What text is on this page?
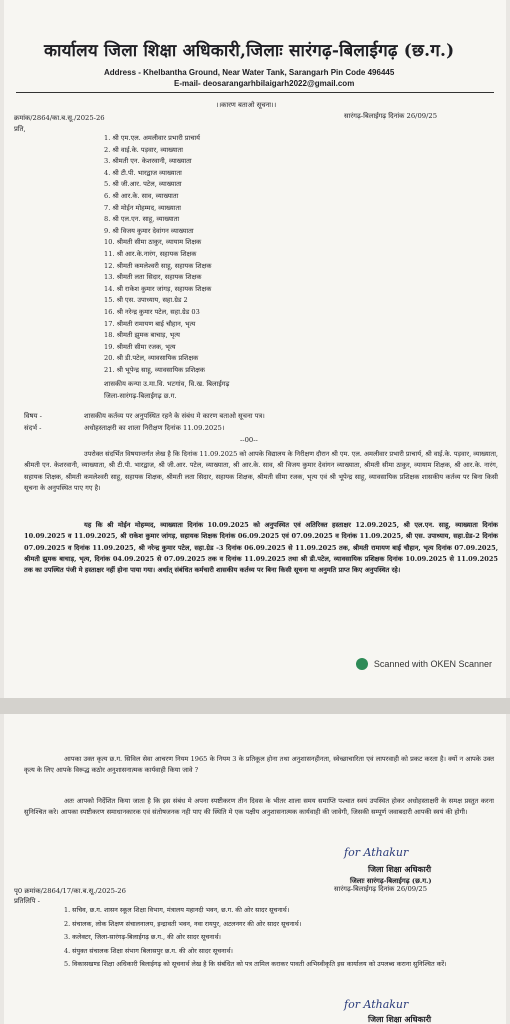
कार्यालय जिला शिक्षा अधिकारी,जिलाः सारंगढ़-बिलाईगढ़ (छ.ग.)
Address - Khelbantha Ground, Near Water Tank, Sarangarh Pin Code 496445
E-mail- deosarangarhbilaigarh2022@gmail.com
।।कारण बताओ सूचना।।
क्रमांक/2864/का.ब.सू./2025-26	सारंगढ़-बिलाईगढ़ दिनांक 26/09/25
प्रति,
1. श्री एम.एल. अमलीवार प्रभारी प्राचार्य
2. श्री वाई.के. पड़वार, व्याख्याता
3. श्रीमती एन. केशरवानी, व्याख्याता
4. श्री टी.पी. भारद्वाज व्याख्याता
5. श्री जी.आर. पटेल, व्याख्याता
6. श्री आर.के. साव, व्याख्याता
7. श्री मोईन मोहम्मद, व्याख्याता
8. श्री एल.एन. साहू, व्याख्याता
9. श्री विजय कुमार देवांगन व्याख्याता
10. श्रीमती सीमा ठाकुर, व्यायाम शिक्षक
11. श्री आर.के.नारंग, सहायक शिक्षक
12. श्रीमती कमलेश्वरी साहू, सहायक शिक्षक
13. श्रीमती लता सिदार, सहायक शिक्षक
14. श्री राकेश कुमार जांगड़, सहायक शिक्षक
15. श्री एस. उपाध्याय, सहा.ग्रेड 2
16. श्री नरेन्द्र कुमार पटेल, सहा.ग्रेड 03
17. श्रीमती रामायण बाई चौहान, भृत्य
18. श्रीमती झुमक बाचाड़, भृत्य
19. श्रीमती सीमा रजक, भृत्य
20. श्री डी.पटेल, व्यावसायिक प्रशिक्षक
21. श्री भूपेन्द्र साहू, व्यावसायिक प्रशिक्षक
शासकीय कन्या उ.मा.वि. भटगांव, वि.ख. बिलाईगढ़
जिला-सारंगढ़-बिलाईगढ़ छ.ग.
विषय -	शासकीय कर्तव्य पर अनुपस्थित रहने के संबंध मे कारण बताओ सूचना पत्र।
संदर्भ -	अधोहस्ताक्षरी का शाला निरीक्षण दिनांक 11.09.2025।
--00--
उपरोक्त संदर्भित विषयान्तर्गत लेख है कि दिनांक 11.09.2025 को आपके विद्यालय के निरीक्षण दौरान श्री एम. एल. अमलीवार प्रभारी प्राचार्य, श्री वाई.के. पड़वार, व्याख्याता, श्रीमती एन. केशरवानी, व्याख्याता, श्री टी.पी. भारद्वाज, श्री जी.आर. पटेल, व्याख्याता, श्री आर.के. साव, श्री विजय कुमार देवांगन व्याख्याता, श्रीमती सीमा ठाकुर, व्यायाम शिक्षक, श्री आर.के. नारंग, सहायक शिक्षक, श्रीमती कमलेश्वरी साहू, सहायक शिक्षक, श्रीमती लता सिदार, सहायक शिक्षक, श्रीमती सीमा रजक, भृत्य एवं श्री भूपेन्द्र साहू, व्यावसायिक प्रशिक्षक शासकीय कर्तव्य पर बिना किसी सूचना के अनुपस्थित पाए गए है।
यह कि श्री मोईन मोहम्मद, व्याख्याता दिनांक 10.09.2025 को अनुपस्थित एवं अतिरिक्त हस्ताक्षर 12.09.2025, श्री एल.एन. साहू, व्याख्याता दिनांक 10.09.2025 व 11.09.2025, श्री राकेश कुमार जांगड़, सहायक शिक्षक दिनांक 06.09.2025 एवं 07.09.2025 व दिनांक 11.09.2025, श्री एस. उपाध्याय, सहा.ग्रेड-2 दिनांक 07.09.2025 व दिनांक 11.09.2025, श्री नरेन्द्र कुमार पटेल, सहा.ग्रेड -3 दिनांक 06.09.2025 से 11.09.2025 तक, श्रीमती रामायण बाई चौहान, भृत्य दिनांक 07.09.2025, श्रीमती झुमक बाचाड़, भृत्य, दिनांक 04.09.2025 से 07.09.2025 तक व दिनांक 11.09.2025 तथा श्री डी.पटेल, व्यावसायिक प्रशिक्षक दिनांक 10.09.2025 से 11.09.2025 तक का उपस्थित पंजी मे हस्ताक्षर नहीं होना पाया गया। अर्थात् संबंधित कर्मचारी शासकीय कर्तव्य पर बिना किसी सूचना या अनुमति प्राप्त किए अनुपस्थित रहे।
Scanned with OKEN Scanner
आपका उक्त कृत्य छ.ग. सिविल सेवा आचरण नियम 1965 के नियम 3 के प्रतिकूल होना तथा अनुशासनहीनता, स्वेच्छाचारिता एवं लापरवाही को प्रकट करता है। क्यों न आपके उक्त कृत्य के लिए आपके विरूद्ध कठोर अनुशासनात्मक कार्यवाही किया जावे ?
अतः आपको निर्देशित किया जाता है कि इस संबंध मे अपना स्पष्टीकरण तीन दिवस के भीतर शाला समय समाप्ति पश्चात स्वयं उपस्थित होकर अधोहस्ताक्षरी के समक्ष प्रस्तुत करना सुनिश्चित करे। आपका स्पष्टीकरण समाधानकारक एवं संतोषजनक नही पाए की स्थिति मे एक पक्षीय अनुशासनात्मक कार्यवाही की जावेगी, जिसकी सम्पूर्ण जवाबदारी आपकी स्वयं की होगी।
for Athakur
जिला शिक्षा अधिकारी
जिलाः सारंगढ़-बिलाईगढ़ (छ.ग.)
पृ0 क्रमांक/2864/17/का.ब.सू./2025-26	सारंगढ़-बिलाईगढ़ दिनांक 26/09/25
प्रतिलिपि -
1. सचिव, छ.ग. शासन स्कूल शिक्षा विभाग, मंत्रालय महानदी भवन, छ.ग. की ओर सादर सूचनार्थ।
2. संचालक, लोक शिक्षण संचालनालय, इन्द्रावती भवन, नवा रायपुर, अटलनगर की ओर सादर सूचनार्थ।
3. कलेक्टर, जिला-सारंगढ़-बिलाईगढ़ छ.ग., की ओर सादर सूचनार्थ।
4. संयुक्त संचालक शिक्षा संभाग बिलासपुर छ.ग. की ओर सादर सूचनार्थ।
5. विकासखण्ड शिक्षा अधिकारी बिलाईगढ़ को सूचनार्थ लेख है कि संबंधित को पत्र तामिल कराकर पावती अभिस्वीकृति इस कार्यालय को उपलब्ध कराना सुनिश्चित करें।
for Athakur
जिला शिक्षा अधिकारी
